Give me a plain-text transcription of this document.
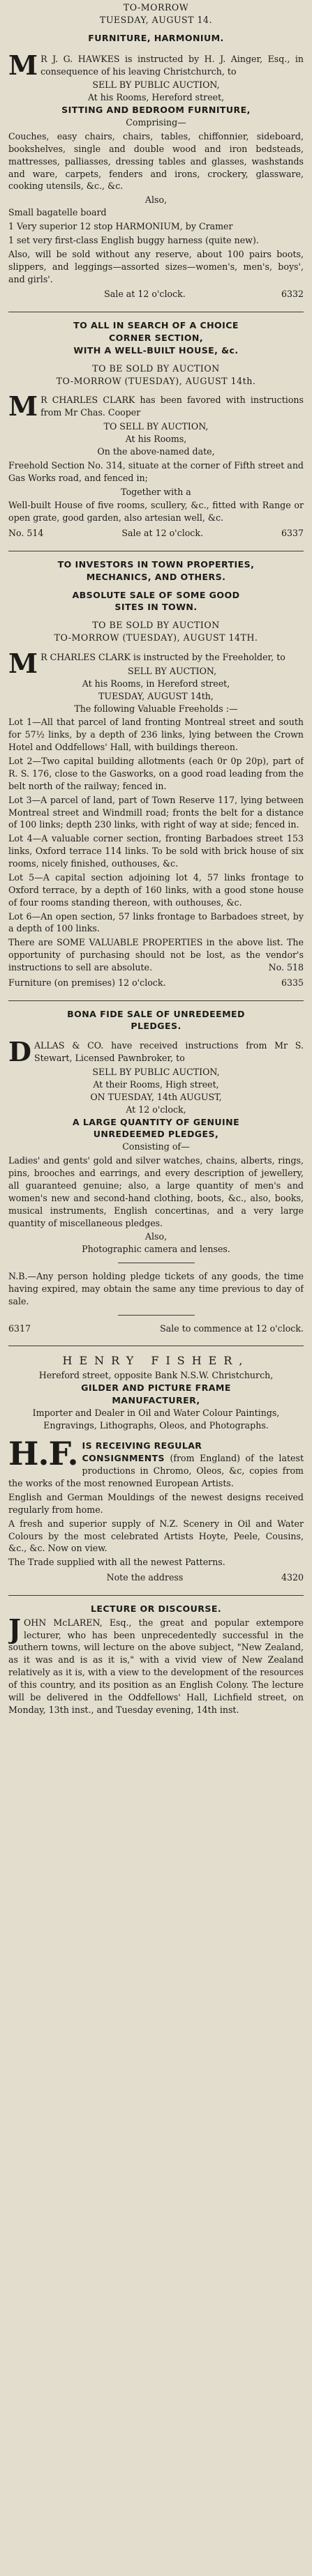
TO-MORROW

TUESDAY, AUGUST 14.

FURNITURE, HARMONIUM.

M R J. G. HAWKES is instructed by H. J. Ainger, Esq., in consequence of his leaving Christchurch, to

SELL BY PUBLIC AUCTION,

At his Rooms, Hereford street,

SITTING AND BEDROOM FURNITURE,

Comprising—

Couches, easy chairs, chairs, tables, chiffonnier, sideboard, bookshelves, single and double wood and iron bedsteads, mattresses, palliasses, dressing tables and glasses, washstands and ware, carpets, fenders and irons, crockery, glassware, cooking utensils, &c., &c.

Also,

Small bagatelle board

1 Very superior 12 stop HARMONIUM, by Cramer

1 set very first-class English buggy harness (quite new).

Also, will be sold without any reserve, about 100 pairs boots, slippers, and leggings—assorted sizes—women's, men's, boys', and girls'.

Sale at 12 o'clock.	6332

TO ALL IN SEARCH OF A CHOICE

CORNER SECTION,

WITH A WELL-BUILT HOUSE, &c.

TO BE SOLD BY AUCTION

TO-MORROW (TUESDAY), AUGUST 14th.

M R CHARLES CLARK has been favored with instructions from Mr Chas. Cooper

TO SELL BY AUCTION,

At his Rooms,

On the above-named date,

Freehold Section No. 314, situate at the corner of Fifth street and Gas Works road, and fenced in;

Together with a

Well-built House of five rooms, scullery, &c., fitted with Range or open grate, good garden, also artesian well, &c.

No. 514	Sale at 12 o'clock.	6337

TO INVESTORS IN TOWN PROPERTIES,

MECHANICS, AND OTHERS.

ABSOLUTE SALE OF SOME GOOD

SITES IN TOWN.

TO BE SOLD BY AUCTION

TO-MORROW (TUESDAY), AUGUST 14TH.

M R CHARLES CLARK is instructed by the Freeholder, to

SELL BY AUCTION,

At his Rooms, in Hereford street,

TUESDAY, AUGUST 14th,

The following Valuable Freeholds :—

Lot 1—All that parcel of land fronting Montreal street and south for 57½ links, by a depth of 236 links, lying between the Crown Hotel and Oddfellows' Hall, with buildings thereon.

Lot 2—Two capital building allotments (each 0r 0p 20p), part of R. S. 176, close to the Gasworks, on a good road leading from the belt north of the railway; fenced in.

Lot 3—A parcel of land, part of Town Reserve 117, lying between Montreal street and Windmill road; fronts the belt for a distance of 100 links; depth 230 links, with right of way at side; fenced in.

Lot 4—A valuable corner section, fronting Barbadoes street 153 links, Oxford terrace 114 links. To be sold with brick house of six rooms, nicely finished, outhouses, &c.

Lot 5—A capital section adjoining lot 4, 57 links frontage to Oxford terrace, by a depth of 160 links, with a good stone house of four rooms standing thereon, with outhouses, &c.

Lot 6—An open section, 57 links frontage to Barbadoes street, by a depth of 100 links.

There are SOME VALUABLE PROPERTIES in the above list. The opportunity of purchasing should not be lost, as the vendor's instructions to sell are absolute.	No. 518

Furniture (on premises) 12 o'clock.	6335

BONA FIDE SALE OF UNREDEEMED

PLEDGES.

D ALLAS & CO. have received instructions from Mr S. Stewart, Licensed Pawnbroker, to

SELL BY PUBLIC AUCTION,

At their Rooms, High street,

ON TUESDAY, 14th AUGUST,

At 12 o'clock,

A LARGE QUANTITY OF GENUINE

UNREDEEMED PLEDGES,

Consisting of—

Ladies' and gents' gold and silver watches, chains, alberts, rings, pins, brooches and earrings, and every description of jewellery, all guaranteed genuine; also, a large quantity of men's and women's new and second-hand clothing, boots, &c., also, books, musical instruments, English concertinas, and a very large quantity of miscellaneous pledges.

Also,

Photographic camera and lenses.

N.B.—Any person holding pledge tickets of any goods, the time having expired, may obtain the same any time previous to day of sale.

6317	Sale to commence at 12 o'clock.

HENRY FISHER,

Hereford street, opposite Bank N.S.W. Christchurch,

GILDER AND PICTURE FRAME

MANUFACTURER,

Importer and Dealer in Oil and Water Colour Paintings,

Engravings, Lithographs, Oleos, and Photographs.

H.F. IS RECEIVING REGULAR
CONSIGNMENTS (from England) of the latest productions in Chromo, Oleos, &c, copies from the works of the most renowned European Artists.

English and German Mouldings of the newest designs received regularly from home.

A fresh and superior supply of N.Z. Scenery in Oil and Water Colours by the most celebrated Artists Hoyte, Peele, Cousins, &c., &c. Now on view.

The Trade supplied with all the newest Patterns.

Note the address	4320

LECTURE OR DISCOURSE.

J OHN McLAREN, Esq., the great and popular extempore lecturer, who has been unprecedentedly successful in the southern towns, will lecture on the above subject, "New Zealand, as it was and is as it is," with a vivid view of New Zealand relatively as it is, with a view to the development of the resources of this country, and its position as an English Colony. The lecture will be delivered in the Oddfellows' Hall, Lichfield street, on Monday, 13th inst., and Tuesday evening, 14th inst.
